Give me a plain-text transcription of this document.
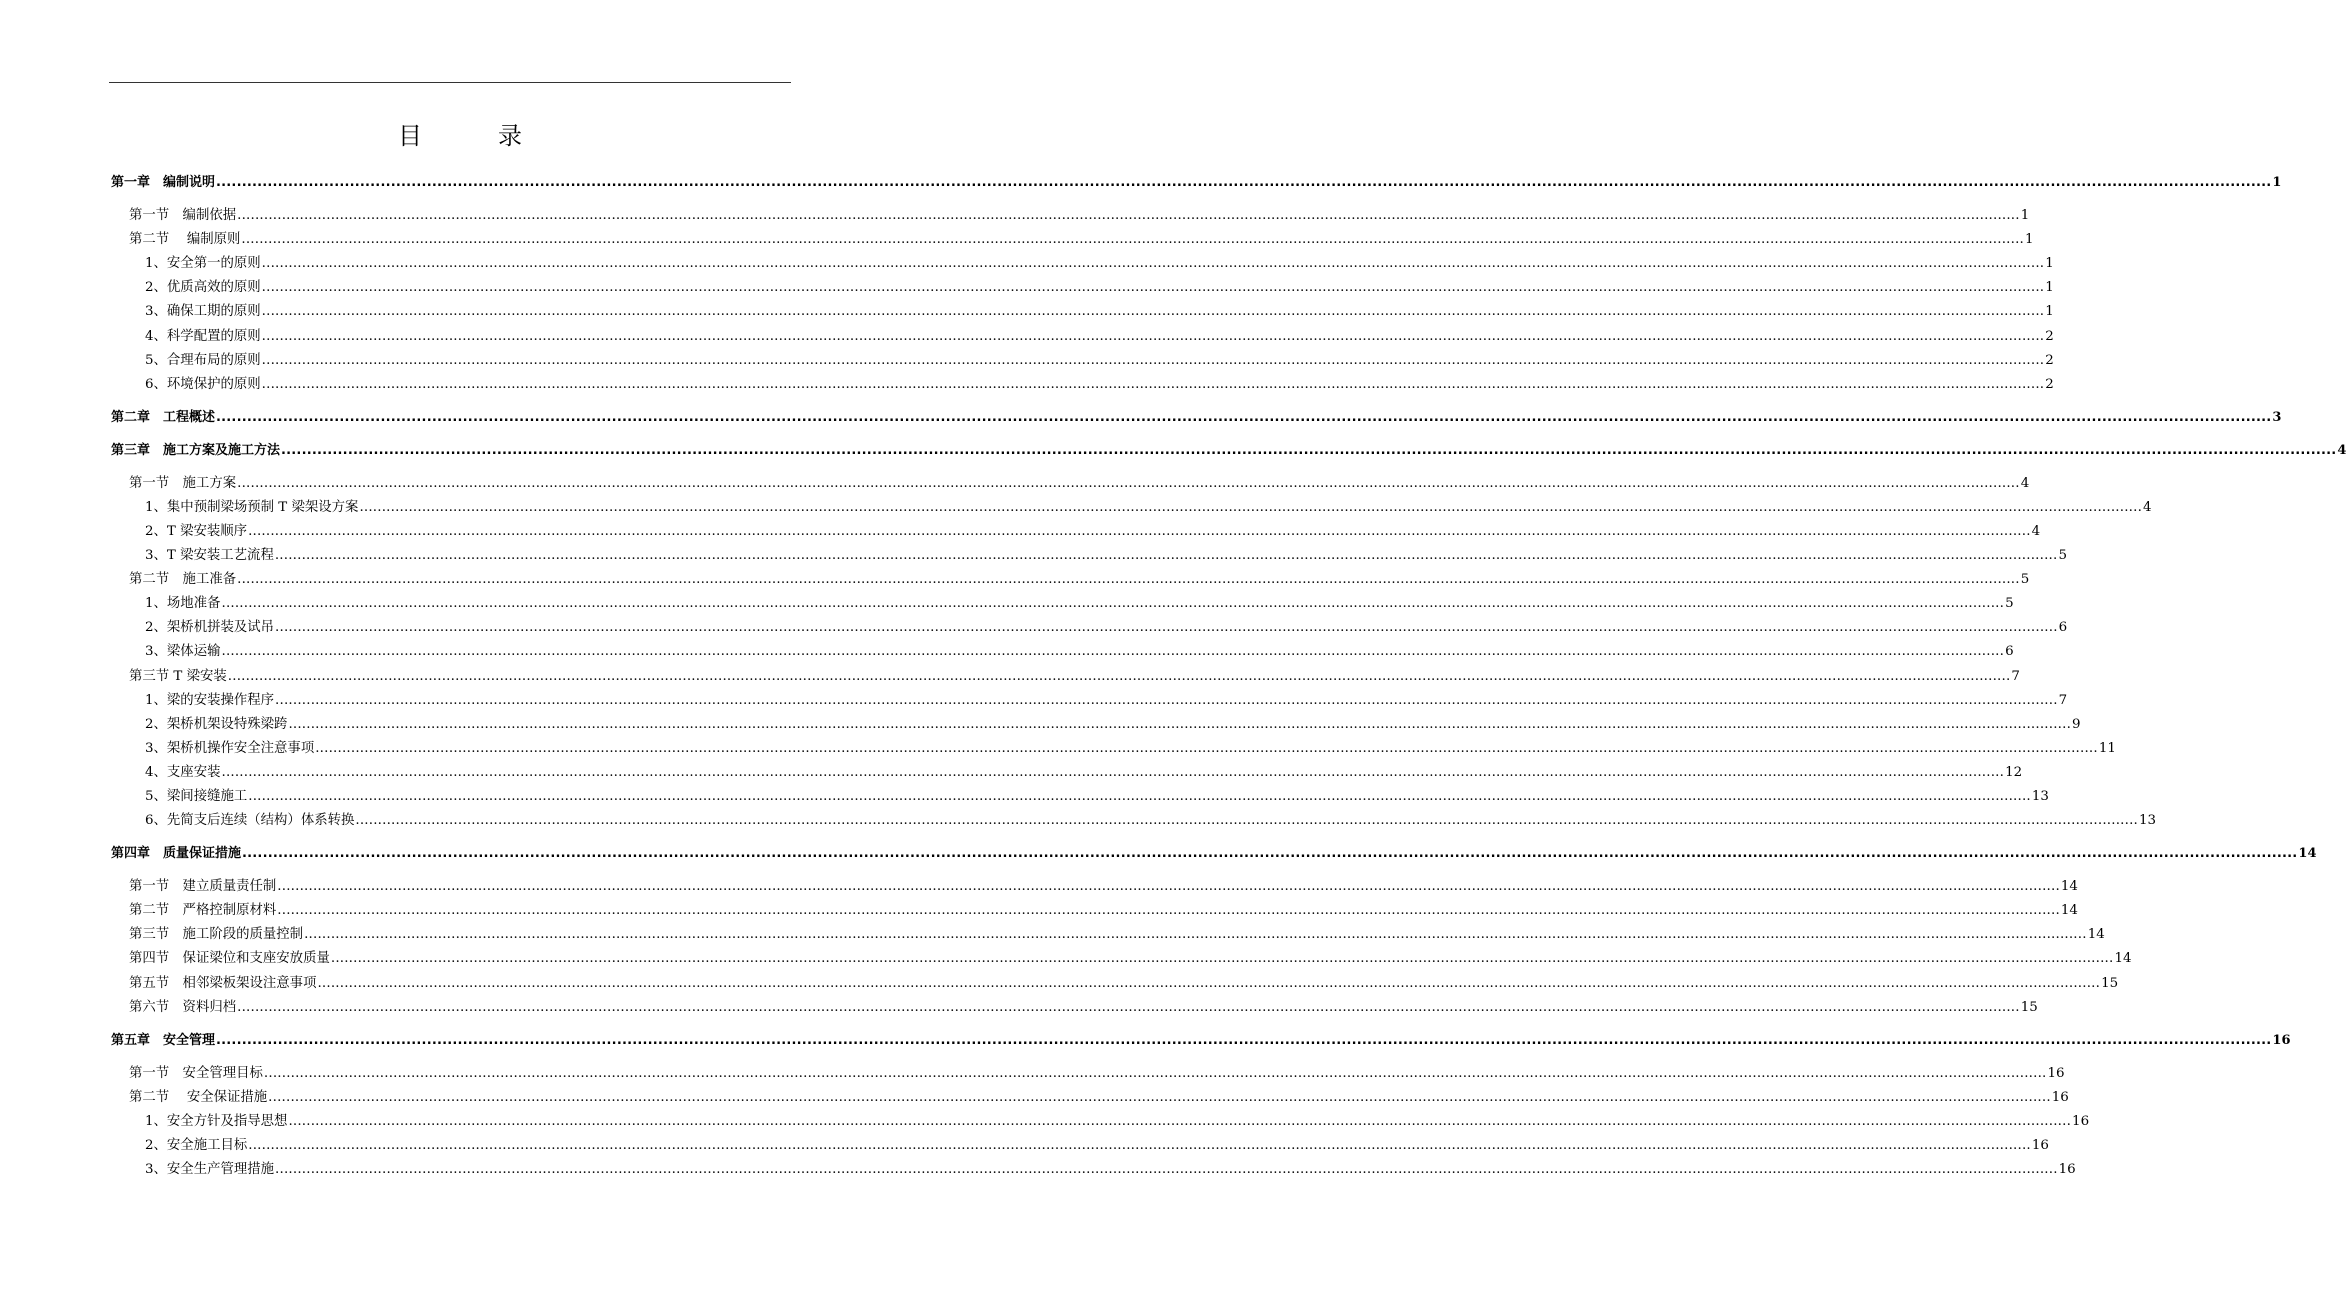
目　录
第一章　编制说明 ................................................................................................................................................................................................................................................................................................................................................................................................................ 1
第一节　编制依据 ................................................................................................................................................................................................................................................................................................................................................................................................................ 1
第二节　 编制原则 ................................................................................................................................................................................................................................................................................................................................................................................................................ 1
1、安全第一的原则 ................................................................................................................................................................................................................................................................................................................................................................................................................ 1
2、优质高效的原则 ................................................................................................................................................................................................................................................................................................................................................................................................................ 1
3、确保工期的原则 ................................................................................................................................................................................................................................................................................................................................................................................................................ 1
4、科学配置的原则 ................................................................................................................................................................................................................................................................................................................................................................................................................ 2
5、合理布局的原则 ................................................................................................................................................................................................................................................................................................................................................................................................................ 2
6、环境保护的原则 ................................................................................................................................................................................................................................................................................................................................................................................................................ 2
第二章　工程概述 ................................................................................................................................................................................................................................................................................................................................................................................................................ 3
第三章　施工方案及施工方法 ................................................................................................................................................................................................................................................................................................................................................................................................................ 4
第一节　施工方案 ................................................................................................................................................................................................................................................................................................................................................................................................................ 4
1、集中预制梁场预制 T 梁架设方案 ................................................................................................................................................................................................................................................................................................................................................................................................................ 4
2、T 梁安装顺序 ................................................................................................................................................................................................................................................................................................................................................................................................................ 4
3、T 梁安装工艺流程 ................................................................................................................................................................................................................................................................................................................................................................................................................ 5
第二节　施工准备 ................................................................................................................................................................................................................................................................................................................................................................................................................ 5
1、场地准备 ................................................................................................................................................................................................................................................................................................................................................................................................................ 5
2、架桥机拼装及试吊 ................................................................................................................................................................................................................................................................................................................................................................................................................ 6
3、梁体运输 ................................................................................................................................................................................................................................................................................................................................................................................................................ 6
第三节 T 梁安装 ................................................................................................................................................................................................................................................................................................................................................................................................................ 7
1、梁的安装操作程序 ................................................................................................................................................................................................................................................................................................................................................................................................................ 7
2、架桥机架设特殊梁跨 ................................................................................................................................................................................................................................................................................................................................................................................................................ 9
3、架桥机操作安全注意事项 ................................................................................................................................................................................................................................................................................................................................................................................................................ 11
4、支座安装 ................................................................................................................................................................................................................................................................................................................................................................................................................ 12
5、梁间接缝施工 ................................................................................................................................................................................................................................................................................................................................................................................................................ 13
6、先简支后连续（结构）体系转换 ................................................................................................................................................................................................................................................................................................................................................................................................................ 13
第四章　质量保证措施 ................................................................................................................................................................................................................................................................................................................................................................................................................ 14
第一节　建立质量责任制 ................................................................................................................................................................................................................................................................................................................................................................................................................ 14
第二节　严格控制原材料 ................................................................................................................................................................................................................................................................................................................................................................................................................ 14
第三节　施工阶段的质量控制 ................................................................................................................................................................................................................................................................................................................................................................................................................ 14
第四节　保证梁位和支座安放质量 ................................................................................................................................................................................................................................................................................................................................................................................................................ 14
第五节　相邻梁板架设注意事项 ................................................................................................................................................................................................................................................................................................................................................................................................................ 15
第六节　资料归档 ................................................................................................................................................................................................................................................................................................................................................................................................................ 15
第五章　安全管理 ................................................................................................................................................................................................................................................................................................................................................................................................................ 16
第一节　安全管理目标 ................................................................................................................................................................................................................................................................................................................................................................................................................ 16
第二节　 安全保证措施 ................................................................................................................................................................................................................................................................................................................................................................................................................ 16
1、安全方针及指导思想 ................................................................................................................................................................................................................................................................................................................................................................................................................ 16
2、安全施工目标 ................................................................................................................................................................................................................................................................................................................................................................................................................ 16
3、安全生产管理措施 ................................................................................................................................................................................................................................................................................................................................................................................................................ 16
